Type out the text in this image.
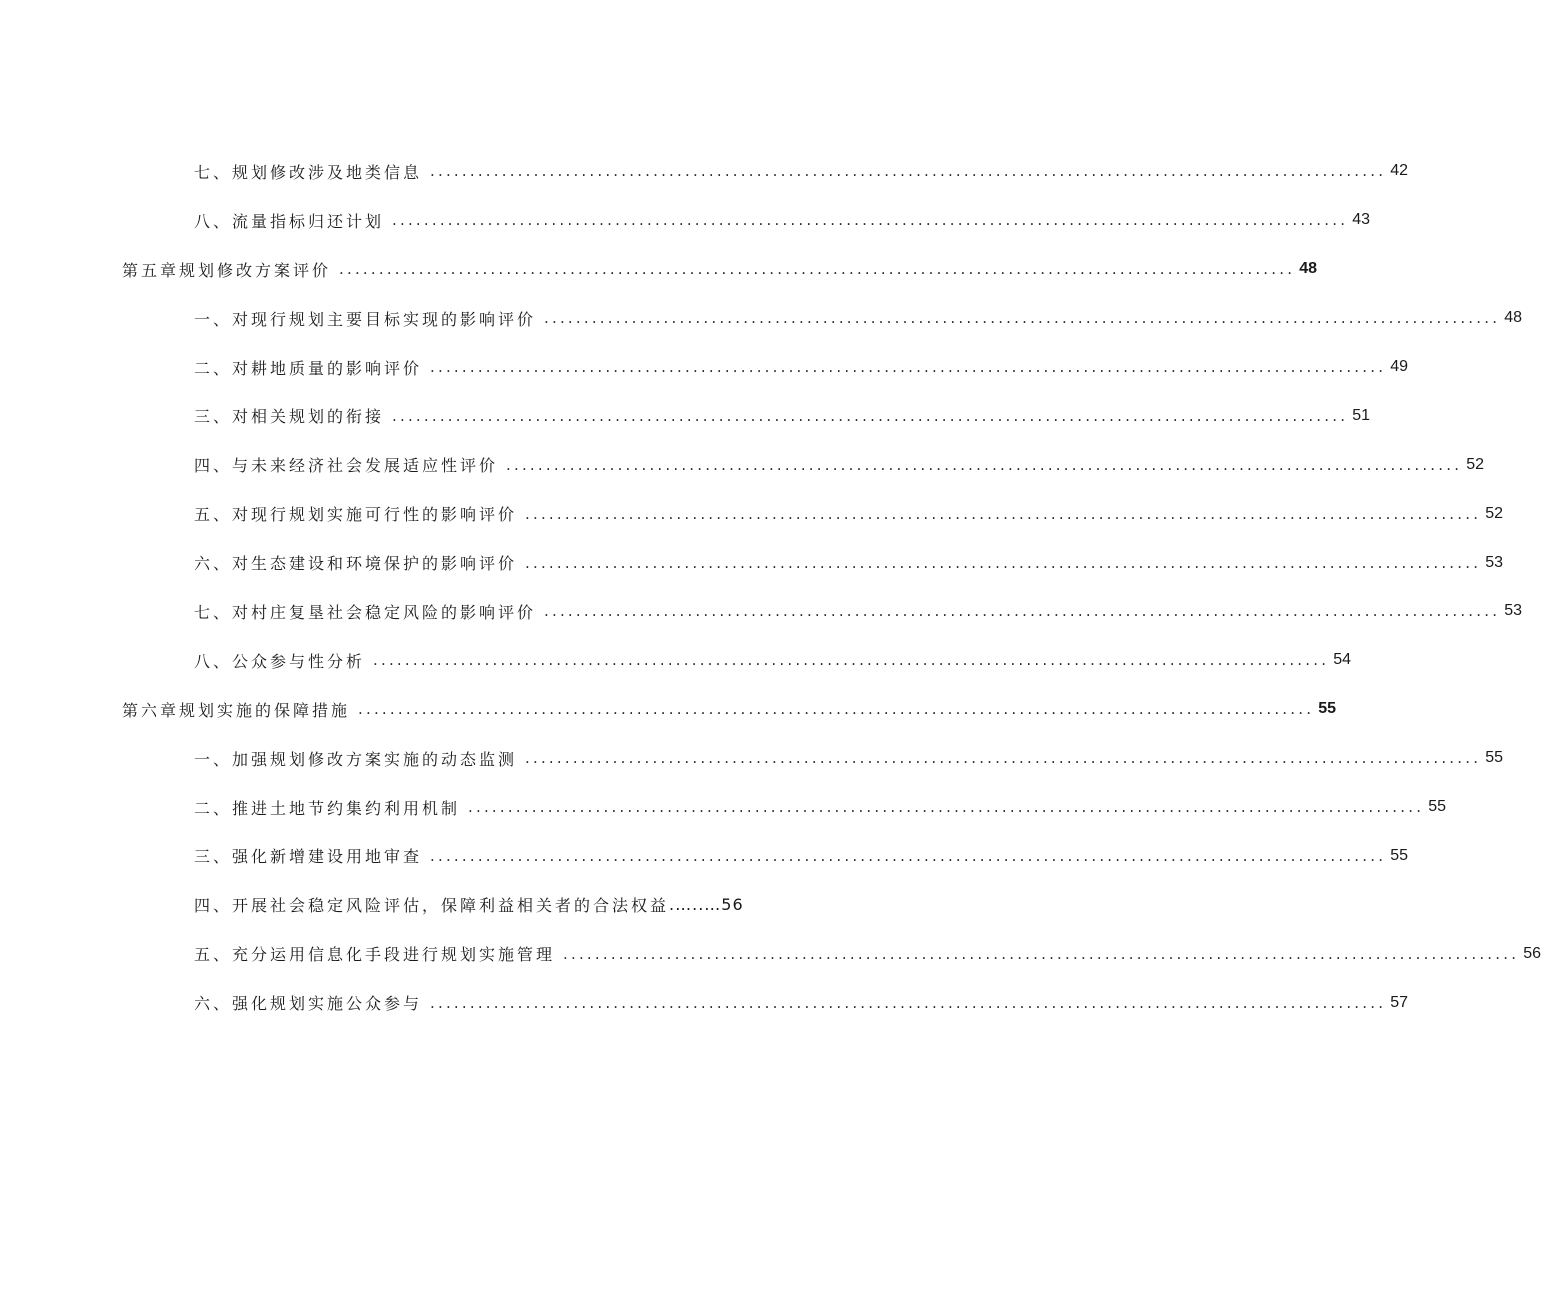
七、规划修改涉及地类信息 ........................................................................................................................ 42
八、流量指标归还计划 ........................................................................................................................ 43
第五章规划修改方案评价 ........................................................................................................................ 48
一、对现行规划主要目标实现的影响评价 ........................................................................................................................ 48
二、对耕地质量的影响评价 ........................................................................................................................ 49
三、对相关规划的衔接 ........................................................................................................................ 51
四、与未来经济社会发展适应性评价 ........................................................................................................................ 52
五、对现行规划实施可行性的影响评价 ........................................................................................................................ 52
六、对生态建设和环境保护的影响评价 ........................................................................................................................ 53
七、对村庄复垦社会稳定风险的影响评价 ........................................................................................................................ 53
八、公众参与性分析 ........................................................................................................................ 54
第六章规划实施的保障措施 ........................................................................................................................ 55
一、加强规划修改方案实施的动态监测 ........................................................................................................................ 55
二、推进土地节约集约利用机制 ........................................................................................................................ 55
三、强化新增建设用地审查 ........................................................................................................................ 55
四、开展社会稳定风险评估，保障利益相关者的合法权益 .…..…56
五、充分运用信息化手段进行规划实施管理 ........................................................................................................................ 56
六、强化规划实施公众参与 ........................................................................................................................ 57
